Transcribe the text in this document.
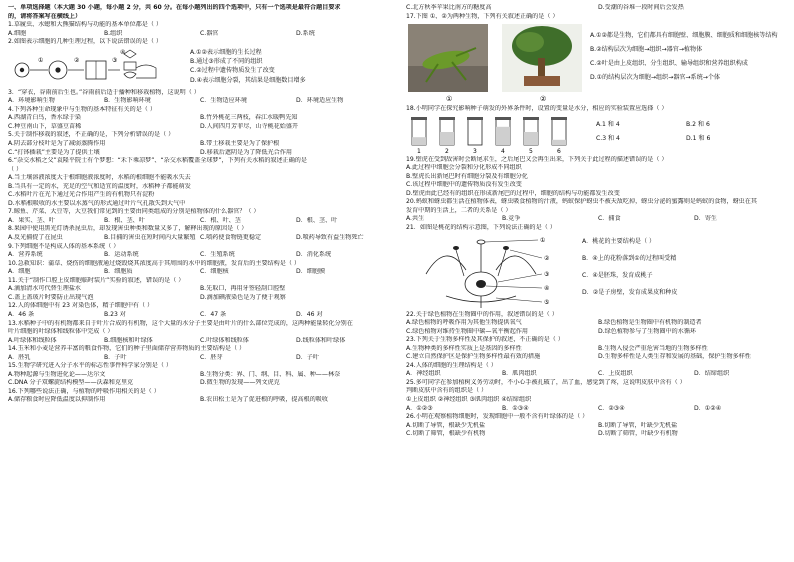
一、单项选择题（本大题 30 小题，每小题 2 分，共 60 分。在每小题列出的四个选项中，只有一个选项是最符合题目要求
的，请将答案写在横线上）
1.草履虫、水螅和大熊猫结构与功能的基本单位都是（ ）
A.细胞	B.组织	C.器官	D.系统
2.如图表示细胞的几种生理过程，以下说法错误的是（ ）
①	②	③
④	A.①②表示细胞的生长过程
B.通过③形成了不同的组织
C.②过程中遗传物质发生了改变
D.④表示细胞分裂，其结果是细胞数目增多
3．“穿衣，谷雨前后生也。”谷雨前后适于播种和移栽植物，这说明（ ）
A．环境影响生物	B．生物影响环境	C．生物适应环境	D．环境适应生物
4.下列各种生命现象中与生物的基本特征有关的是（ ）
A.西湖青白鸟，香水绿于染	B.竹外桃花三两枝，春江水暖鸭先知
C.种豆南山下，草盛豆苗稀	D.人间四月芳菲尽，山寺桃花始盛开
5.关于制作移栽的叙述，不正确的是，下列分析错误的是（ ）
A.阴去部分枝叶是为了减弱蒸腾作用	B.带土移栽主要是为了保护根
C.“打钵插栽”主要是为了提供土壤	D.移栽后遮阴是为了降低光合作用
6.“杂交水稻之父”袁隆平院士有个梦想：“禾下乘凉梦”、“杂交水稻覆盖全球梦”，下列有关水稻的叙述正确的是
（ ）
A.当土壤溶液浓度大于根细胞液浓度时，水稻的根细胞不能吸水失去
B.当具有一定的水，充足的空气和适宜的温度时，水稻种子都能萌发
C.水稻叶片在光下通过光合作用产生的有机物只有淀粉
D.水稻根吸收的水主要以水蒸气的形式通过叶片气孔散失到大气中
7.鲸鱼、芹菜、大豆等，大豆我们常见到的主要由同类组成的分别是植物体的什么器官？（ ）
A．果实、茎、叶	B．根、茎、叶	C．根、叶、茎	D．根、茎、叶
8.果园中使用黑光灯诱杀昆虫后，却发现害虫种类和数量又多了，解释出现的原因是（ ）
A.反光捕捉了在昆虫	B.目捕的害虫在短时间内大量繁殖 C.喷药使食物链更稳定	D.喷药导致有益生物死亡
9.下列细胞不是构成人体的基本系统（ ）
A．营养系统	B．运动系统	C．生殖系统	D．消化系统
10.急救知识：蒲草、烧伤的细胞液通过烧毁烧其浓度高于其周围的水中的细胞液，发育后的主要结构是（ ）
A．细胞	B．细胞质	C．细胞核	D．细胞膜
11.关于“制作口腔上皮细胞临时装片”实验的叙述，错误的是（ ）
A.滴加清水可代替生理盐水	B.先取口，再用牙签轻刮口腔壁
C.盖上盖玻片时要防止出现气泡	D.滴加碘液染色是为了便于观察
12.人的体细胞中有 23 对染色体，精子细胞中有（ ）
A．46 条	B.23 对	C．47 条	D．46 对
13.水稻种子中的有机物都来自于叶片合成的有机物，这个大量的水分子主要是由叶片的什么部位完成的，这两种能量转化分别在
叶片细胞的叶绿体和线粒体中完成（ ）
A.叶绿体和线粒体	B.细胞核和叶绿体	C.叶绿体和线粒体	D.线粒体和叶绿体
14.玉米和小麦是营养丰富的粮食作物，它们的种子里面储存营养物质的主要结构是（ ）
A．胚乳	B．子叶	C．胚芽	D．子叶
15.生物学研究进入分子水平的标志性事件科学家分别是（ ）
A.物种起源与生物进化论——达尔文	B.生物分类：界、门、纲、目、科、属、种——林奈
C.DNA 分子双螺旋结构模型——沃森和克里克	D.微生物的发现——列文虎克
16.下列哪些说法正确，与植物的呼吸作用相关的是（ ）
A.储存粮食时应降低温度以抑制作用	B.农田松土是为了促进根的呼吸，提高根的吸收
C.北方秋季苹果比南方的糖度高	D.受潮的谷堆一段时间后会发热
17.下图 ①、②为两种生物，下列有关叙述正确的是（ ）
①	②
A.①②都是生物，它们都具有细胞壁、细胞膜、细胞质和细胞核等结构
B.②结构层次为细胞→组织→器官→植物体
C.②叶是由上皮组织、分生组织、输导组织和营养组织构成
D.①的结构层次为细胞→组织→器官→系统→个体
18.小明同学在探究影响种子萌发的外界条件时，设置的变量是水分，相应的实验装置应选择（ ）
1	2	3	4	5	6
A.1 和 4	B.2 和 6
C.3 和 4	D.1 和 6
19.壁虎在受到敌害时会断尾求生，之后尾巴又会再生出来，下列关于此过程的描述错误的是（ ）
A.此过程中细胞会分裂和分化形成不同组织
B.壁虎长出新尾巴时有细胞分裂及有细胞分化
C.该过程中细胞中的遗传物质没有发生改变
D.壁虎由此已经有的组织在形成新尾巴的过程中，细胞的结构与功能都发生改变
20.蚂蚁和蚜虫都生活在植物体表，蚜虫吸食植物的汁液，蚂蚁保护蚜虫不被天敌吃掉，蚜虫分泌的蜜露则是蚂蚁的食物，蚜虫在其
发育中期的生活上，二者的关系是（ ）
A.共生	B.竞争	C．捕食	D．寄生
21．如图是桃花的结构示意图，下列说法正确的是（ ）
①
②
③
④
⑤
A．桃花的主要结构是（ ）
B．④上的花粉落到①的过程叫受精
C．④是胚珠，发育成桃子
D．②是子房壁，发育成果皮和种皮
22.关于绿色植物在生物圈中的作用，叙述错误的是（ ）
A.绿色植物的呼吸作用为其他生物提供氧气	B.绿色植物是生物圈中有机物的制造者
C.绿色植物对维持生物圈中碳—氧平衡起作用	D.绿色植物参与了生物圈中的水循环
23.下列关于生物多样性及其保护的叙述，不正确的是（ ）
A.生物种类的多样性实质上是基因的多样性	B.生物入侵会严重危害当地的生物多样性
C.建立自然保护区是保护生物多样性最有效的措施	D.生物多样性是人类生存和发展的基础，保护生物多样性
24.人体的细胞的生理结构是（ ）
A．神经组织	B．肌肉组织	C．上皮组织	D．结缔组织
25.多可同学在参加植树义务劳动时，不小心手被扎破了，出了血，感觉到了疼，这说明皮肤中含有（ ）
判断皮肤中含有的组织是（ ）
①上皮组织 ②神经组织 ③肌肉组织 ④结缔组织
A．①②③	B．①③④	C．②③④	D．①②④
26.小明在观察植物细胞时，发现细胞中一般不含有叶绿体的是（ ）
A.切断了导管，根缺少无机盐	B.切断了导管，叶缺少无机盐
C.切断了筛管，根缺少有机物	D.切断了筛管，叶缺少有机物
